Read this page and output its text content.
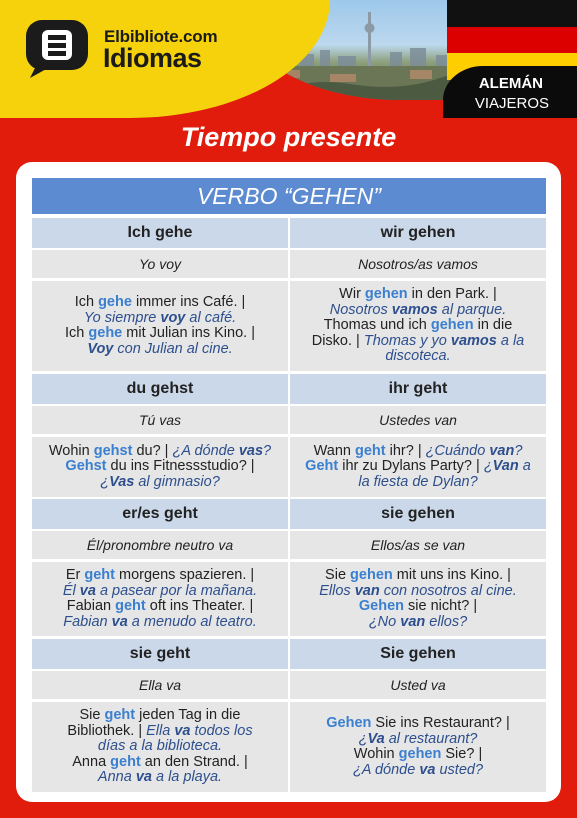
Elbibliote.com
Idiomas
ALEMÁN
VIAJEROS
Tiempo presente
VERBO “GEHEN”
Ich gehe
Yo voy
Ich gehe immer ins Café. |
Yo siempre voy al café.
Ich gehe mit Julian ins Kino. |
Voy con Julian al cine.
wir gehen
Nosotros/as vamos
Wir gehen in den Park. |
Nosotros vamos al parque.
Thomas und ich gehen in die
Disko. | Thomas y yo vamos a la
discoteca.
du gehst
Tú vas
Wohin gehst du? | ¿A dónde vas?
Gehst du ins Fitnessstudio? |
¿Vas al gimnasio?
ihr geht
Ustedes van
Wann geht ihr? | ¿Cuándo van?
Geht ihr zu Dylans Party? | ¿Van a
la fiesta de Dylan?
er/es geht
Él/pronombre neutro va
Er geht morgens spazieren. |
Él va a pasear por la mañana.
Fabian geht oft ins Theater. |
Fabian va a menudo al teatro.
sie gehen
Ellos/as se van
Sie gehen mit uns ins Kino. |
Ellos van con nosotros al cine.
Gehen sie nicht? |
¿No van ellos?
sie geht
Ella va
Sie geht jeden Tag in die
Bibliothek. | Ella va todos los
días a la biblioteca.
Anna geht an den Strand. |
Anna va a la playa.
Sie gehen
Usted va
Gehen Sie ins Restaurant? |
¿Va al restaurant?
Wohin gehen Sie? |
¿A dónde va usted?
